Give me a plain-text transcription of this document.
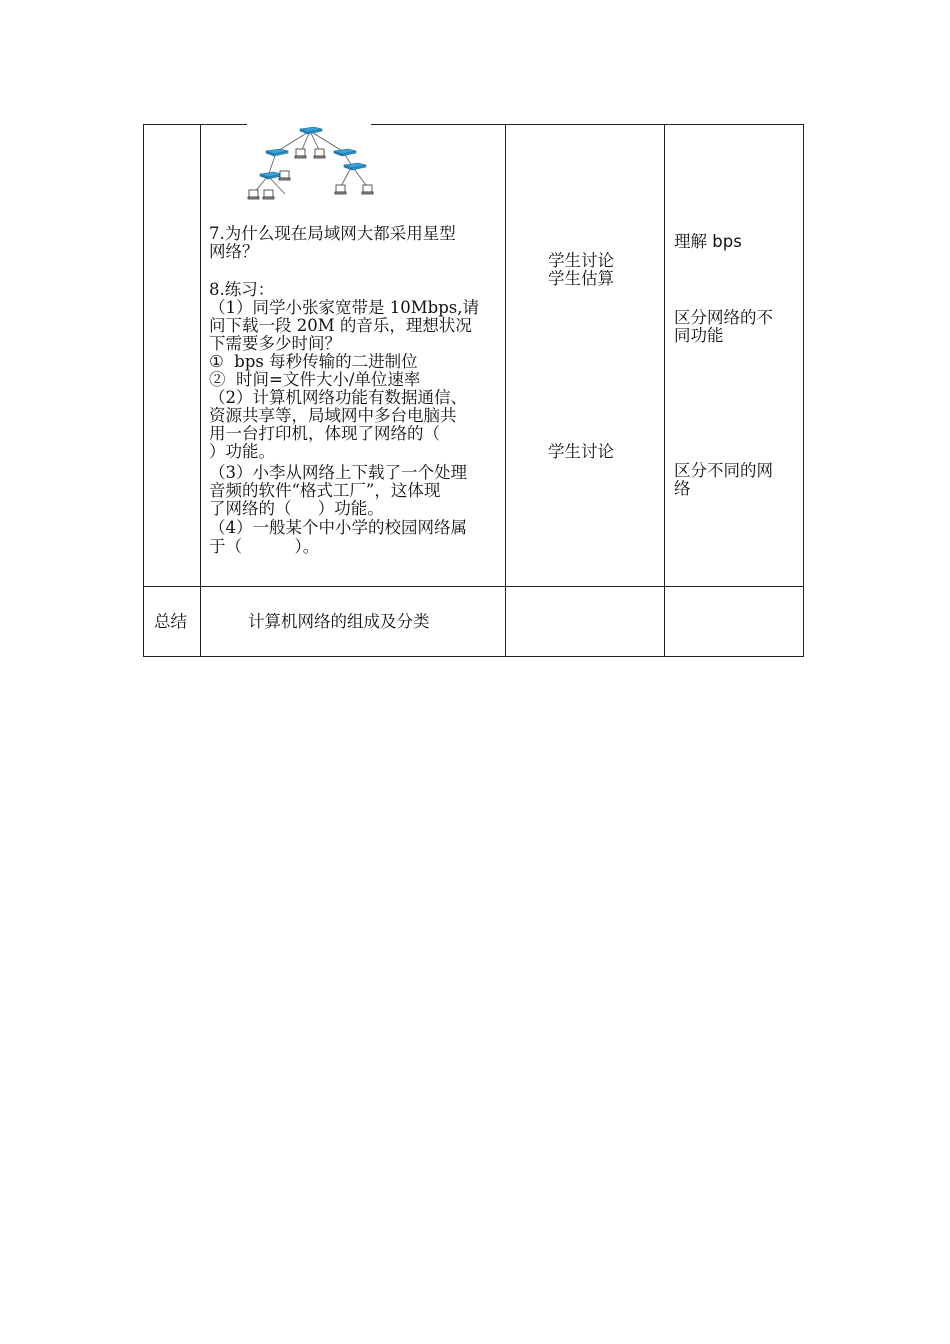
7.为什么现在局域网大都采用星型
网络？
8.练习：
（1）同学小张家宽带是 10Mbps,请
问下载一段 20M 的音乐，理想状况
下需要多少时间？
①  bps 每秒传输的二进制位
②  时间=文件大小/单位速率
（2）计算机网络功能有数据通信、
资源共享等，局域网中多台电脑共
用一台打印机，体现了网络的（
）功能。
（3）小李从网络上下载了一个处理
音频的软件“格式工厂”，这体现
了网络的（     ）功能。
（4）一般某个中小学的校园网络属
于（          ）。
学生讨论
学生估算
学生讨论
理解 bps
区分网络的不
同功能
区分不同的网
络
总结	计算机网络的组成及分类
